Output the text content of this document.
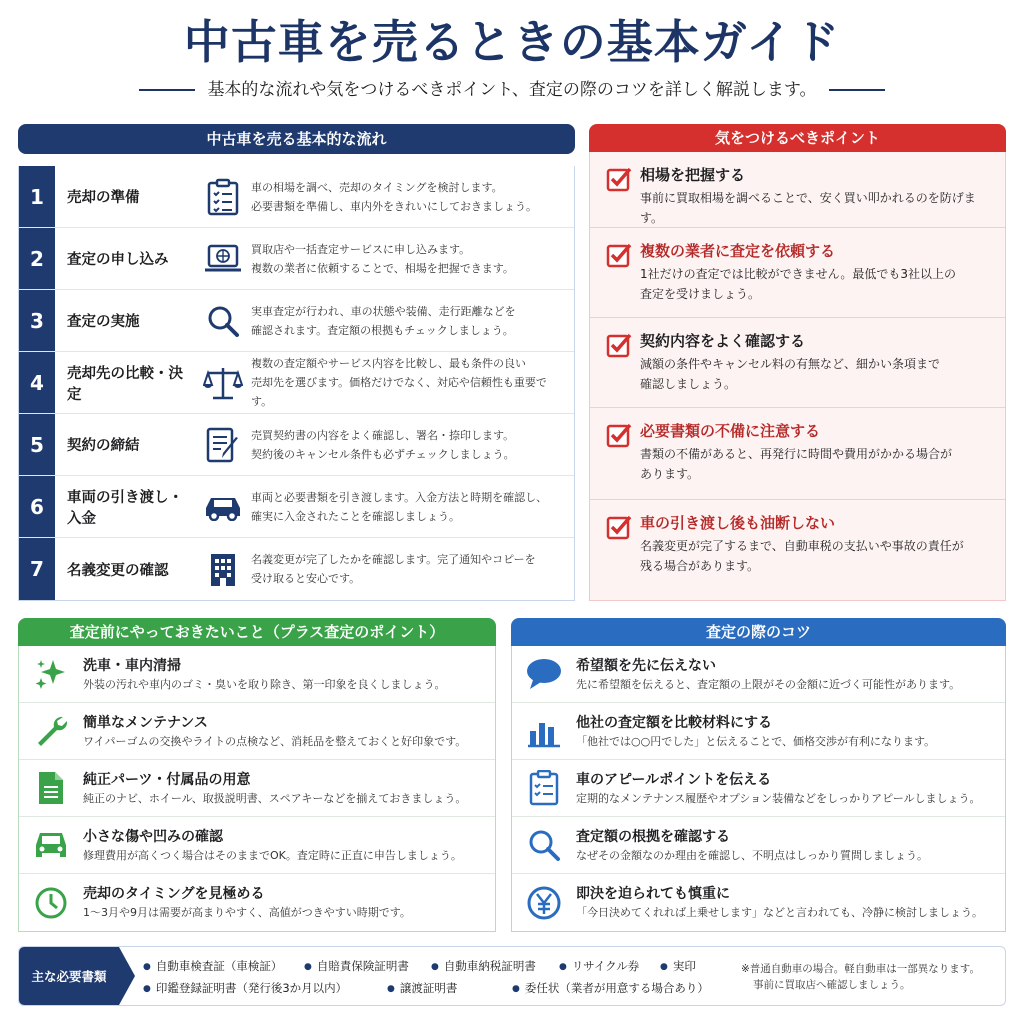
中古車を売るときの基本ガイド
基本的な流れや気をつけるべきポイント、査定の際のコツを詳しく解説します。
中古車を売る基本的な流れ
1	売却の準備
車の相場を調べ、売却のタイミングを検討します。
必要書類を準備し、車内外をきれいにしておきましょう。
2	査定の申し込み
買取店や一括査定サービスに申し込みます。
複数の業者に依頼することで、相場を把握できます。
3	査定の実施
実車査定が行われ、車の状態や装備、走行距離などを
確認されます。査定額の根拠もチェックしましょう。
4	売却先の比較・決定
複数の査定額やサービス内容を比較し、最も条件の良い
売却先を選びます。価格だけでなく、対応や信頼性も重要です。
5	契約の締結
売買契約書の内容をよく確認し、署名・捺印します。
契約後のキャンセル条件も必ずチェックしましょう。
6	車両の引き渡し・入金
車両と必要書類を引き渡します。入金方法と時期を確認し、
確実に入金されたことを確認しましょう。
7	名義変更の確認
名義変更が完了したかを確認します。完了通知やコピーを
受け取ると安心です。
気をつけるべきポイント
相場を把握する
事前に買取相場を調べることで、安く買い叩かれるのを防げます。
複数の業者に査定を依頼する
1社だけの査定では比較ができません。最低でも3社以上の
査定を受けましょう。
契約内容をよく確認する
減額の条件やキャンセル料の有無など、細かい条項まで
確認しましょう。
必要書類の不備に注意する
書類の不備があると、再発行に時間や費用がかかる場合が
あります。
車の引き渡し後も油断しない
名義変更が完了するまで、自動車税の支払いや事故の責任が
残る場合があります。
査定前にやっておきたいこと（プラス査定のポイント）
洗車・車内清掃
外装の汚れや車内のゴミ・臭いを取り除き、第一印象を良くしましょう。
簡単なメンテナンス
ワイパーゴムの交換やライトの点検など、消耗品を整えておくと好印象です。
純正パーツ・付属品の用意
純正のナビ、ホイール、取扱説明書、スペアキーなどを揃えておきましょう。
小さな傷や凹みの確認
修理費用が高くつく場合はそのままでOK。査定時に正直に申告しましょう。
売却のタイミングを見極める
1～3月や9月は需要が高まりやすく、高値がつきやすい時期です。
査定の際のコツ
希望額を先に伝えない
先に希望額を伝えると、査定額の上限がその金額に近づく可能性があります。
他社の査定額を比較材料にする
「他社では○○円でした」と伝えることで、価格交渉が有利になります。
車のアピールポイントを伝える
定期的なメンテナンス履歴やオプション装備などをしっかりアピールしましょう。
査定額の根拠を確認する
なぜその金額なのか理由を確認し、不明点はしっかり質問しましょう。
即決を迫られても慎重に
「今日決めてくれれば上乗せします」などと言われても、冷静に検討しましょう。
主な必要書類
● 自動車検査証（車検証）	● 自賠責保険証明書	● 自動車納税証明書	● リサイクル券	● 実印
● 印鑑登録証明書（発行後3か月以内）	● 譲渡証明書	● 委任状（業者が用意する場合あり）
※普通自動車の場合。軽自動車は一部異なります。
事前に買取店へ確認しましょう。
